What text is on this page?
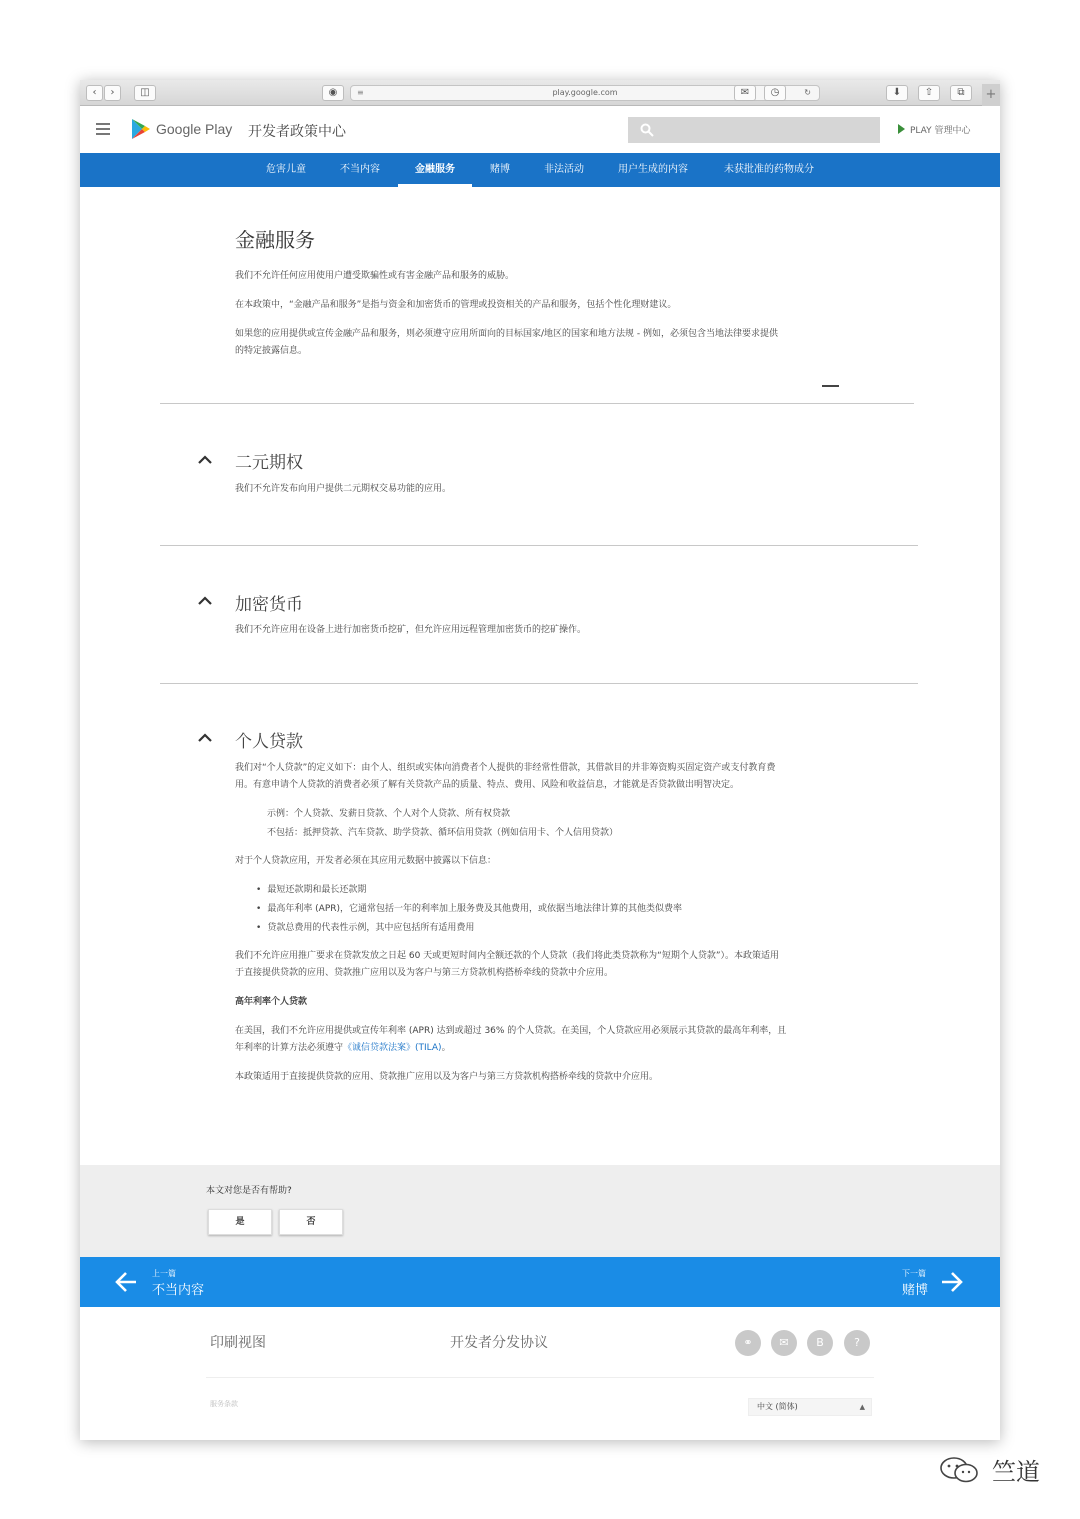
‹	›	◫	◉	≡	play.google.com	↻
✉	◷	⬇	⇧	⧉	+
Google Play 开发者政策中心	PLAY 管理中心
危害儿童	不当内容	金融服务	赌博	非法活动	用户生成的内容	未获批准的药物成分
金融服务
我们不允许任何应用使用户遭受欺骗性或有害金融产品和服务的威胁。
在本政策中，“金融产品和服务”是指与资金和加密货币的管理或投资相关的产品和服务，包括个性化理财建议。
如果您的应用提供或宣传金融产品和服务，则必须遵守应用所面向的目标国家/地区的国家和地方法规 - 例如，必须包含当地法律要求提供
的特定披露信息。
二元期权
我们不允许发布向用户提供二元期权交易功能的应用。
加密货币
我们不允许应用在设备上进行加密货币挖矿，但允许应用远程管理加密货币的挖矿操作。
个人贷款
我们对“个人贷款”的定义如下：由个人、组织或实体向消费者个人提供的非经常性借款，其借款目的并非筹资购买固定资产或支付教育费
用。有意申请个人贷款的消费者必须了解有关贷款产品的质量、特点、费用、风险和收益信息，才能就是否贷款做出明智决定。
示例：个人贷款、发薪日贷款、个人对个人贷款、所有权贷款
不包括：抵押贷款、汽车贷款、助学贷款、循环信用贷款（例如信用卡、个人信用贷款）
对于个人贷款应用，开发者必须在其应用元数据中披露以下信息：
• 最短还款期和最长还款期
• 最高年利率 (APR)，它通常包括一年的利率加上服务费及其他费用，或依据当地法律计算的其他类似费率
• 贷款总费用的代表性示例，其中应包括所有适用费用
我们不允许应用推广要求在贷款发放之日起 60 天或更短时间内全额还款的个人贷款（我们将此类贷款称为“短期个人贷款”）。本政策适用
于直接提供贷款的应用、贷款推广应用以及为客户与第三方贷款机构搭桥牵线的贷款中介应用。
高年利率个人贷款
在美国，我们不允许应用提供或宣传年利率 (APR) 达到或超过 36% 的个人贷款。在美国，个人贷款应用必须展示其贷款的最高年利率，且
年利率的计算方法必须遵守《诚信贷款法案》(TILA)。
本政策适用于直接提供贷款的应用、贷款推广应用以及为客户与第三方贷款机构搭桥牵线的贷款中介应用。
本文对您是否有帮助?
是	否
上一篇
不当内容
下一篇
赌博
印刷视图	开发者分发协议	⚭	✉	B	?
服务条款	中文 (简体)	▲

竺道
